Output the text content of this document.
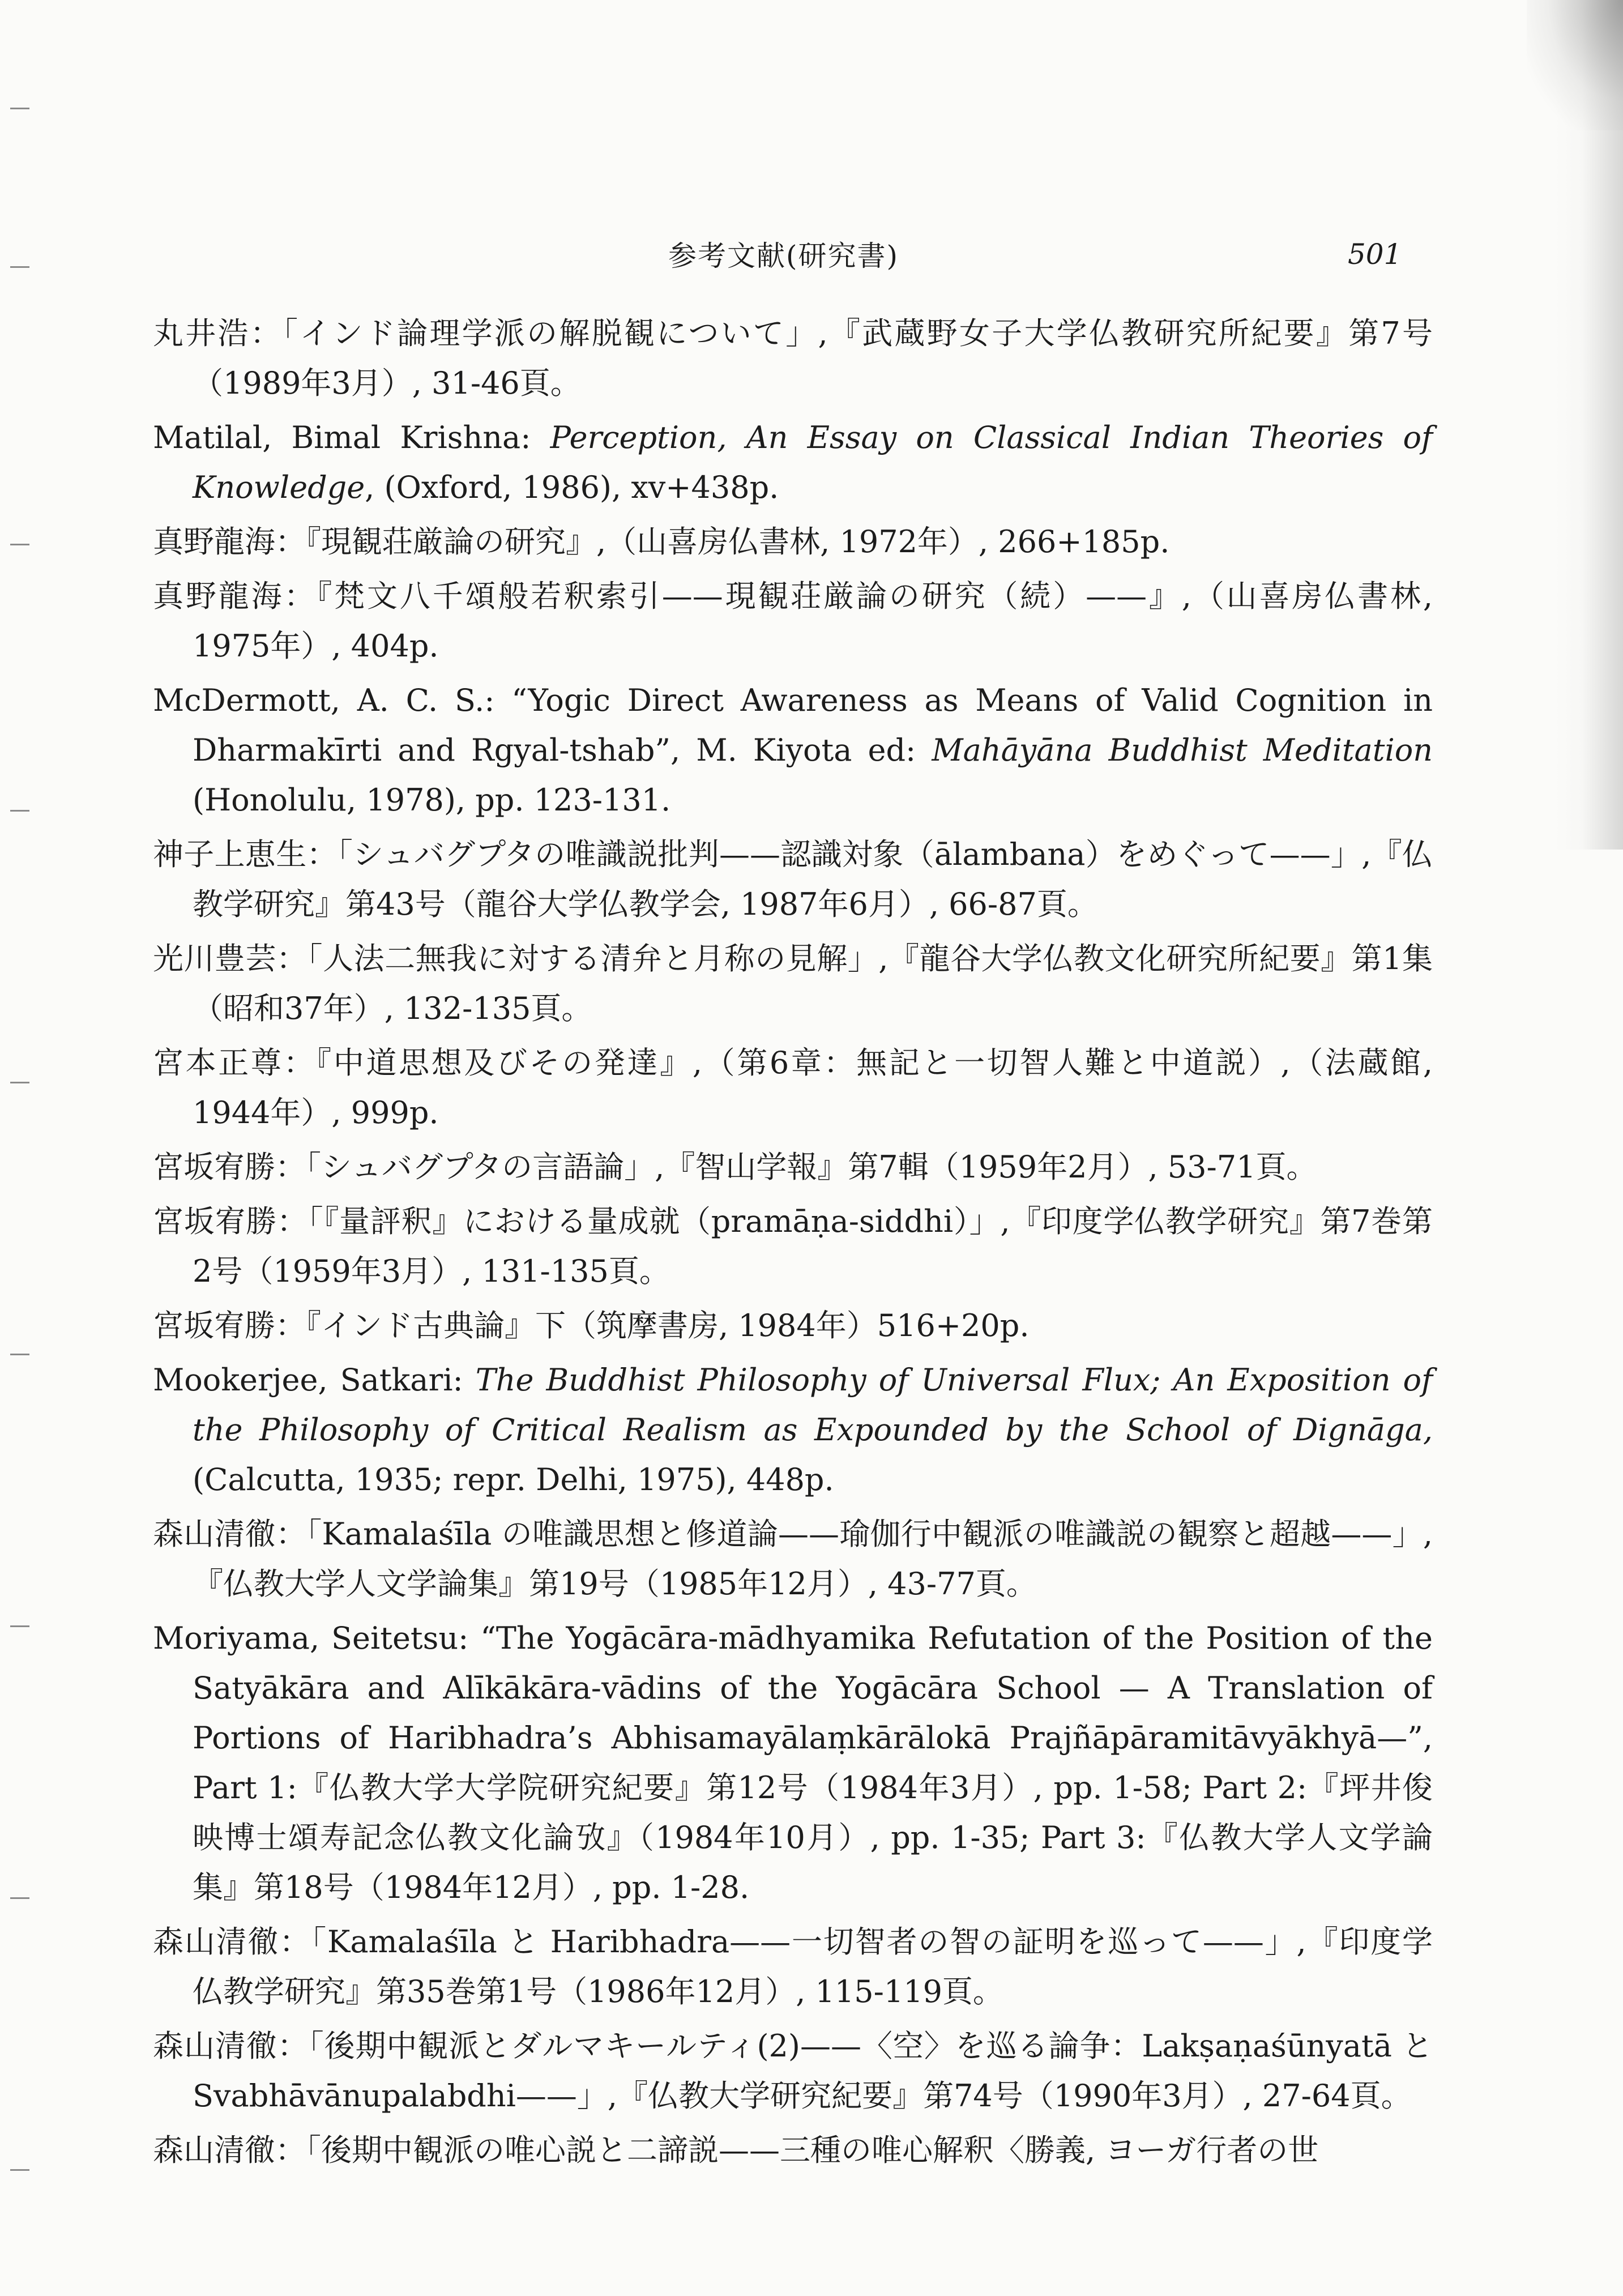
参考文献(研究書)	501
丸井浩：「インド論理学派の解脱観について」,『武蔵野女子大学仏教研究所紀要』第7号（1989年3月）, 31-46頁。
Matilal, Bimal Krishna: Perception, An Essay on Classical Indian Theories of Knowledge, (Oxford, 1986), xv+438p.
真野龍海：『現観荘厳論の研究』,（山喜房仏書林, 1972年）, 266+185p.
真野龍海：『梵文八千頌般若釈索引——現観荘厳論の研究（続）——』,（山喜房仏書林, 1975年）, 404p.
McDermott, A. C. S.: “Yogic Direct Awareness as Means of Valid Cognition in Dharmakīrti and Rgyal-tshab”, M. Kiyota ed: Mahāyāna Buddhist Meditation (Honolulu, 1978), pp. 123-131.
神子上恵生：「シュバグプタの唯識説批判——認識対象（ālambana）をめぐって——」,『仏教学研究』第43号（龍谷大学仏教学会, 1987年6月）, 66-87頁。
光川豊芸：「人法二無我に対する清弁と月称の見解」,『龍谷大学仏教文化研究所紀要』第1集（昭和37年）, 132-135頁。
宮本正尊：『中道思想及びその発達』,（第6章：無記と一切智人難と中道説）,（法蔵館, 1944年）, 999p.
宮坂宥勝：「シュバグプタの言語論」,『智山学報』第7輯（1959年2月）, 53-71頁。
宮坂宥勝：「『量評釈』における量成就（pramāṇa-siddhi）」,『印度学仏教学研究』第7巻第2号（1959年3月）, 131-135頁。
宮坂宥勝：『インド古典論』下（筑摩書房, 1984年）516+20p.
Mookerjee, Satkari: The Buddhist Philosophy of Universal Flux; An Exposition of the Philosophy of Critical Realism as Expounded by the School of Dignāga, (Calcutta, 1935; repr. Delhi, 1975), 448p.
森山清徹：「Kamalaśīla の唯識思想と修道論——瑜伽行中観派の唯識説の観察と超越——」,『仏教大学人文学論集』第19号（1985年12月）, 43-77頁。
Moriyama, Seitetsu: “The Yogācāra-mādhyamika Refutation of the Position of the Satyākāra and Alīkākāra-vādins of the Yogācāra School — A Translation of Portions of Haribhadra’s Abhisamayālaṃkārālokā Prajñāpāramitāvyākhyā—”, Part 1:『仏教大学大学院研究紀要』第12号（1984年3月）, pp. 1-58; Part 2:『坪井俊映博士頌寿記念仏教文化論攷』（1984年10月）, pp. 1-35; Part 3:『仏教大学人文学論集』第18号（1984年12月）, pp. 1-28.
森山清徹：「Kamalaśīla と Haribhadra——一切智者の智の証明を巡って——」,『印度学仏教学研究』第35巻第1号（1986年12月）, 115-119頁。
森山清徹：「後期中観派とダルマキールティ(2)——〈空〉を巡る論争：Lakṣaṇaśūnyatā と Svabhāvānupalabdhi——」,『仏教大学研究紀要』第74号（1990年3月）, 27-64頁。
森山清徹：「後期中観派の唯心説と二諦説——三種の唯心解釈〈勝義, ヨーガ行者の世
